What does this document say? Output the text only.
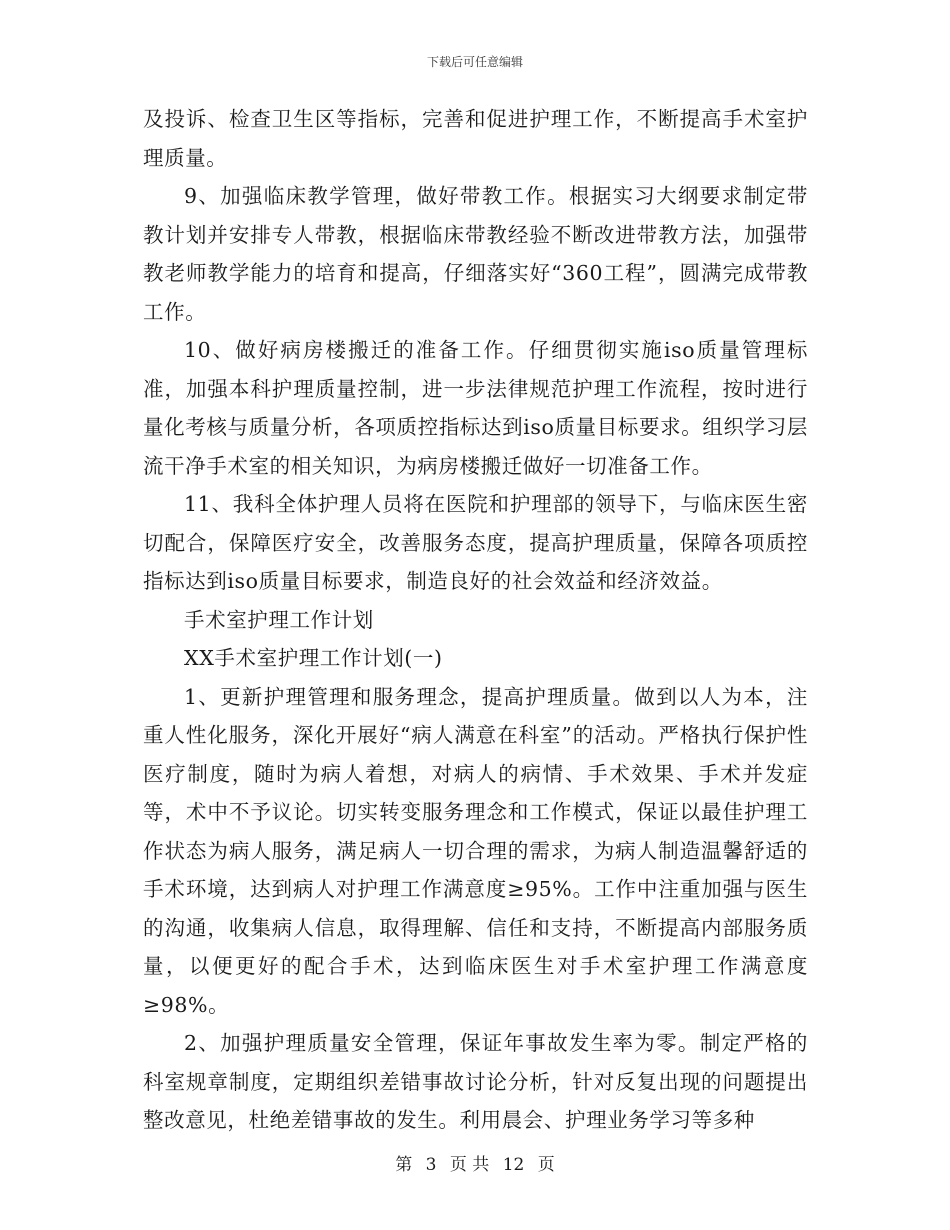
下载后可任意编辑

及投诉、检查卫生区等指标，完善和促进护理工作，不断提高手术室护理质量。

9、加强临床教学管理，做好带教工作。根据实习大纲要求制定带教计划并安排专人带教，根据临床带教经验不断改进带教方法，加强带教老师教学能力的培育和提高，仔细落实好“360工程”，圆满完成带教工作。

10、做好病房楼搬迁的准备工作。仔细贯彻实施iso质量管理标准，加强本科护理质量控制，进一步法律规范护理工作流程，按时进行量化考核与质量分析，各项质控指标达到iso质量目标要求。组织学习层流干净手术室的相关知识，为病房楼搬迁做好一切准备工作。

11、我科全体护理人员将在医院和护理部的领导下，与临床医生密切配合，保障医疗安全，改善服务态度，提高护理质量，保障各项质控指标达到iso质量目标要求，制造良好的社会效益和经济效益。

手术室护理工作计划

XX手术室护理工作计划(一)

1、更新护理管理和服务理念，提高护理质量。做到以人为本，注重人性化服务，深化开展好“病人满意在科室”的活动。严格执行保护性医疗制度，随时为病人着想，对病人的病情、手术效果、手术并发症等，术中不予议论。切实转变服务理念和工作模式，保证以最佳护理工作状态为病人服务，满足病人一切合理的需求，为病人制造温馨舒适的手术环境，达到病人对护理工作满意度≥95%。工作中注重加强与医生的沟通，收集病人信息，取得理解、信任和支持，不断提高内部服务质量，以便更好的配合手术，达到临床医生对手术室护理工作满意度≥98%。

2、加强护理质量安全管理，保证年事故发生率为零。制定严格的科室规章制度，定期组织差错事故讨论分析，针对反复出现的问题提出整改意见，杜绝差错事故的发生。利用晨会、护理业务学习等多种

第 3 页 共 12 页
